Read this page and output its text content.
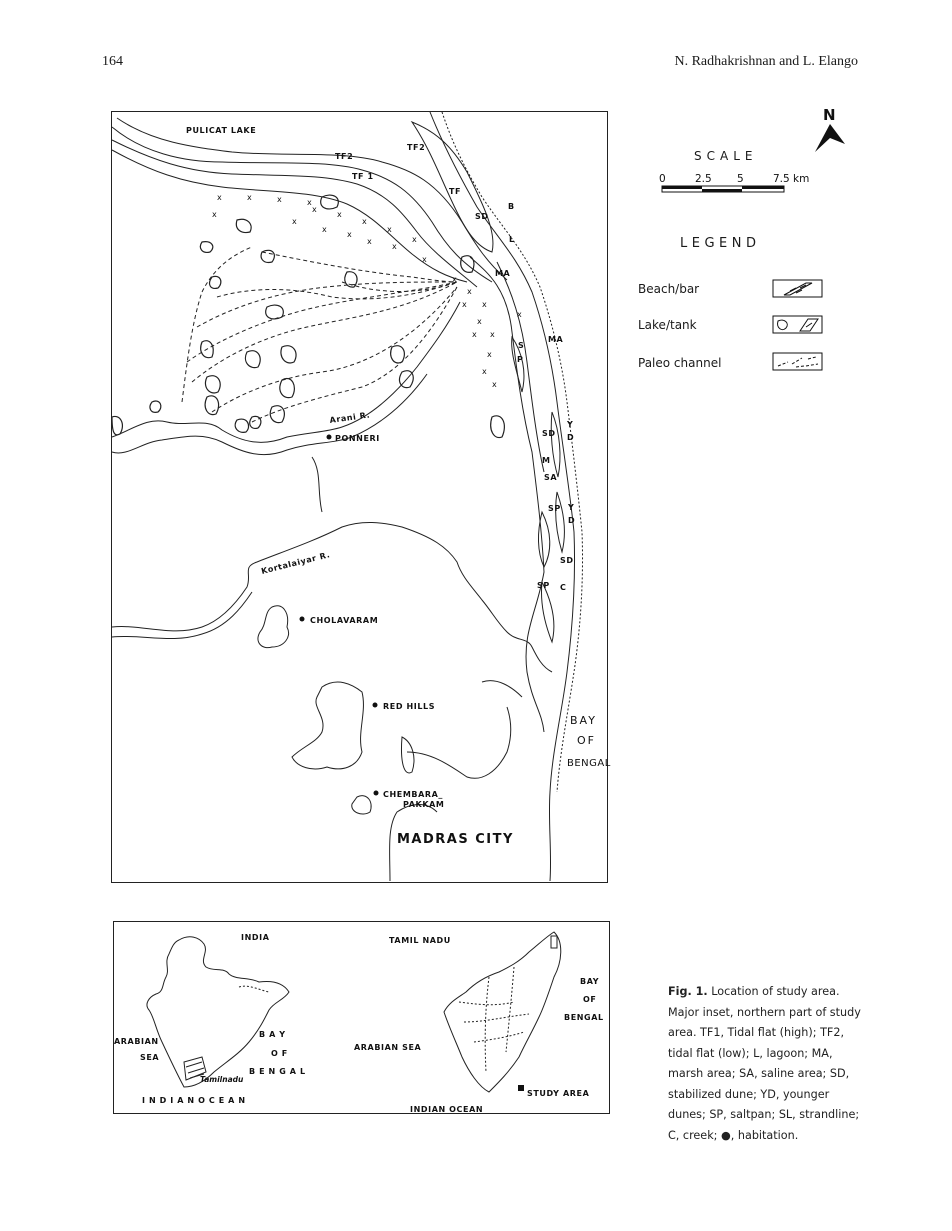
164	N. Radhakrishnan and L. Elango
x	x	x	x
x
x
x
x
x
x
x
x
x
x
x
x
x
x
x
x
x
x
x
x
x
x
x
PULICAT LAKE
TF2
TF2
TF 1
TF
SD
B
L
MA
S
P
MA
Y
D
SD
M
SA
SP Y
D
SD
SP C
Arani R.
PONNERI
Kortalaiyar R.
CHOLAVARAM
RED HILLS
CHEMBARA_
PAKKAM
MADRAS CITY
BAY
OF
BENGAL
N
SCALE
0	2.5 5	7.5 km
LEGEND
Beach/bar
Lake/tank
Paleo channel
INDIA	TAMIL NADU
ARABIAN
SEA
B A Y
O F
B E N G A L
Tamilnadu
I N D I A N O C E A N
BAY
OF
BENGAL
ARABIAN SEA
STUDY AREA
INDIAN OCEAN
Fig. 1. Location of study area. Major inset, northern part of study area. TF1, Tidal flat (high); TF2, tidal flat (low); L, lagoon; MA, marsh area; SA, saline area; SD, stabilized dune; YD, younger dunes; SP, saltpan; SL, strandline; C, creek; ●, habitation.
